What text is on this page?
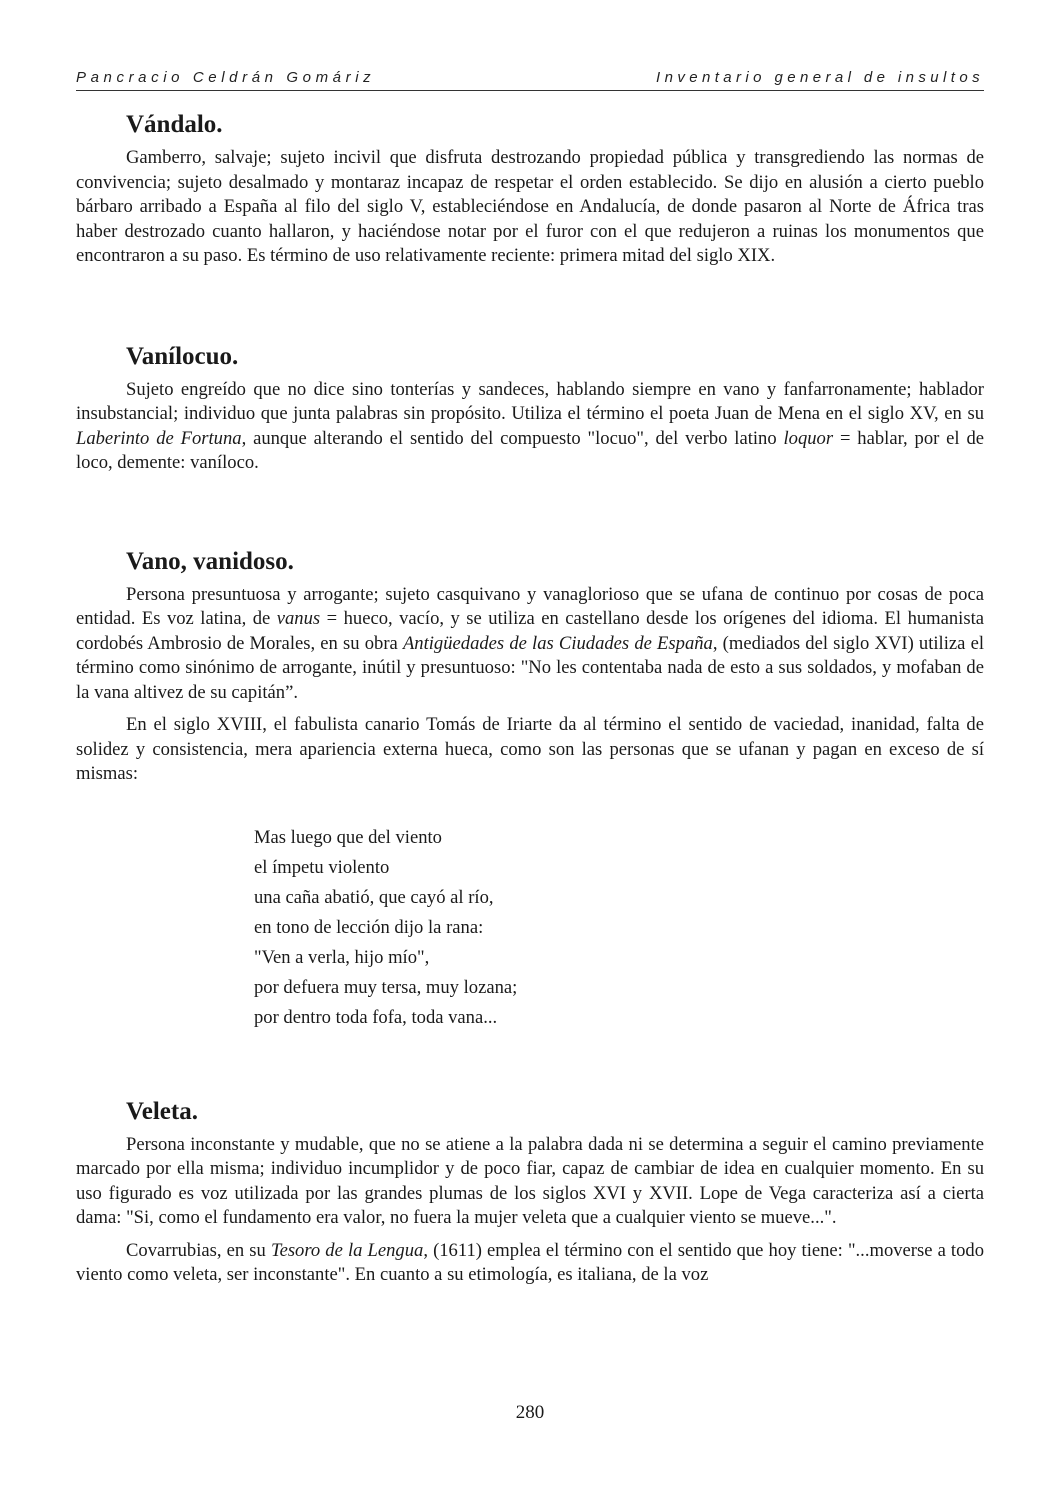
Pancracio Celdrán Gomáriz	Inventario general de insultos
Vándalo.

Gamberro, salvaje; sujeto incivil que disfruta destrozando propiedad pública y transgrediendo las normas de convivencia; sujeto desalmado y montaraz incapaz de respetar el orden establecido. Se dijo en alusión a cierto pueblo bárbaro arribado a España al filo del siglo V, estableciéndose en Andalucía, de donde pasaron al Norte de África tras haber destrozado cuanto hallaron, y haciéndose notar por el furor con el que redujeron a ruinas los monumentos que encontraron a su paso. Es término de uso relativamente reciente: primera mitad del siglo XIX.

Vanílocuo.

Sujeto engreído que no dice sino tonterías y sandeces, hablando siempre en vano y fanfarronamente; hablador insubstancial; individuo que junta palabras sin propósito. Utiliza el término el poeta Juan de Mena en el siglo XV, en su Laberinto de Fortuna, aunque alterando el sentido del compuesto "locuo", del verbo latino loquor = hablar, por el de loco, demente: vaníloco.

Vano, vanidoso.

Persona presuntuosa y arrogante; sujeto casquivano y vanaglorioso que se ufana de continuo por cosas de poca entidad. Es voz latina, de vanus = hueco, vacío, y se utiliza en castellano desde los orígenes del idioma. El humanista cordobés Ambrosio de Morales, en su obra Antigüedades de las Ciudades de España, (mediados del siglo XVI) utiliza el término como sinónimo de arrogante, inútil y presuntuoso: "No les contentaba nada de esto a sus soldados, y mofaban de la vana altivez de su capitán”.

En el siglo XVIII, el fabulista canario Tomás de Iriarte da al término el sentido de vaciedad, inanidad, falta de solidez y consistencia, mera apariencia externa hueca, como son las personas que se ufanan y pagan en exceso de sí mismas:

Mas luego que del viento
el ímpetu violento
una caña abatió, que cayó al río,
en tono de lección dijo la rana:
"Ven a verla, hijo mío",
por defuera muy tersa, muy lozana;
por dentro toda fofa, toda vana...
Veleta.

Persona inconstante y mudable, que no se atiene a la palabra dada ni se determina a seguir el camino previamente marcado por ella misma; individuo incumplidor y de poco fiar, capaz de cambiar de idea en cualquier momento. En su uso figurado es voz utilizada por las grandes plumas de los siglos XVI y XVII. Lope de Vega caracteriza así a cierta dama: "Si, como el fundamento era valor, no fuera la mujer veleta que a cualquier viento se mueve...".

Covarrubias, en su Tesoro de la Lengua, (1611) emplea el término con el sentido que hoy tiene: "...moverse a todo viento como veleta, ser inconstante". En cuanto a su etimología, es italiana, de la voz

280
